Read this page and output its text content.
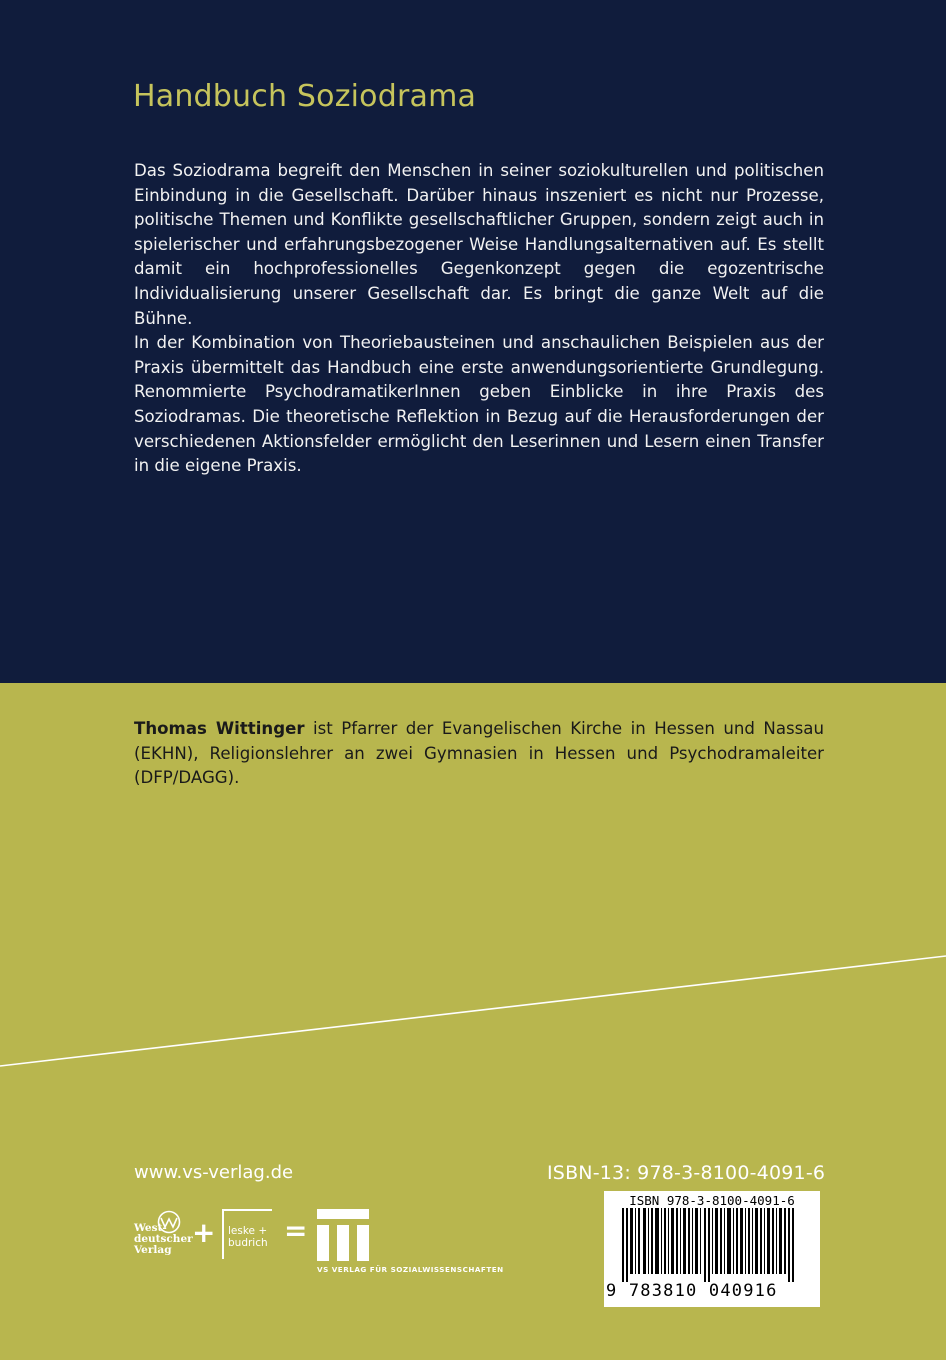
Handbuch Soziodrama

Das Soziodrama begreift den Menschen in seiner soziokulturellen und politischen Einbindung in die Gesellschaft. Darüber hinaus inszeniert es nicht nur Prozesse, politische Themen und Konflikte gesellschaftlicher Gruppen, sondern zeigt auch in spielerischer und erfahrungsbezogener Weise Handlungsalternativen auf. Es stellt damit ein hochprofessionelles Gegenkonzept gegen die egozentrische Individualisierung unserer Gesellschaft dar. Es bringt die ganze Welt auf die Bühne.

In der Kombination von Theoriebausteinen und anschaulichen Beispielen aus der Praxis übermittelt das Handbuch eine erste anwendungsorientierte Grundlegung. Renommierte PsychodramatikerInnen geben Einblicke in ihre Praxis des Soziodramas. Die theoretische Reflektion in Bezug auf die Herausforderungen der verschiedenen Aktionsfelder ermöglicht den Leserinnen und Lesern einen Transfer in die eigene Praxis.

Thomas Wittinger ist Pfarrer der Evangelischen Kirche in Hessen und Nassau (EKHN), Religionslehrer an zwei Gymnasien in Hessen und Psychodramaleiter (DFP/DAGG).

www.vs-verlag.de	ISBN-13: 978-3-8100-4091-6
ISBN 978-3-8100-4091-6
9 783810 040916
West-
deutscher
Verlag
+ leske +
budrich =
VS VERLAG FÜR SOZIALWISSENSCHAFTEN
